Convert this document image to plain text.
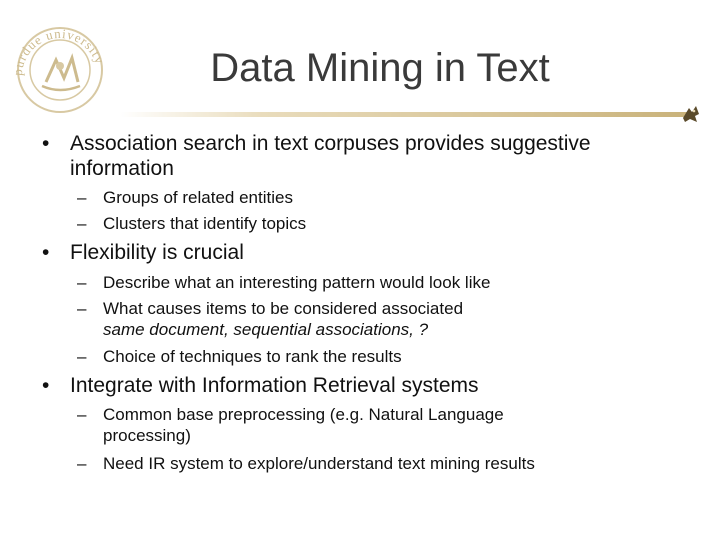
purdue university	Data Mining in Text
• Association search in text corpuses provides suggestive
information
– Groups of related entities
– Clusters that identify topics
• Flexibility is crucial
– Describe what an interesting pattern would look like
– What causes items to be considered associated
same document, sequential associations, ?
– Choice of techniques to rank the results
• Integrate with Information Retrieval systems
– Common base preprocessing (e.g. Natural Language
processing)
– Need IR system to explore/understand text mining results
